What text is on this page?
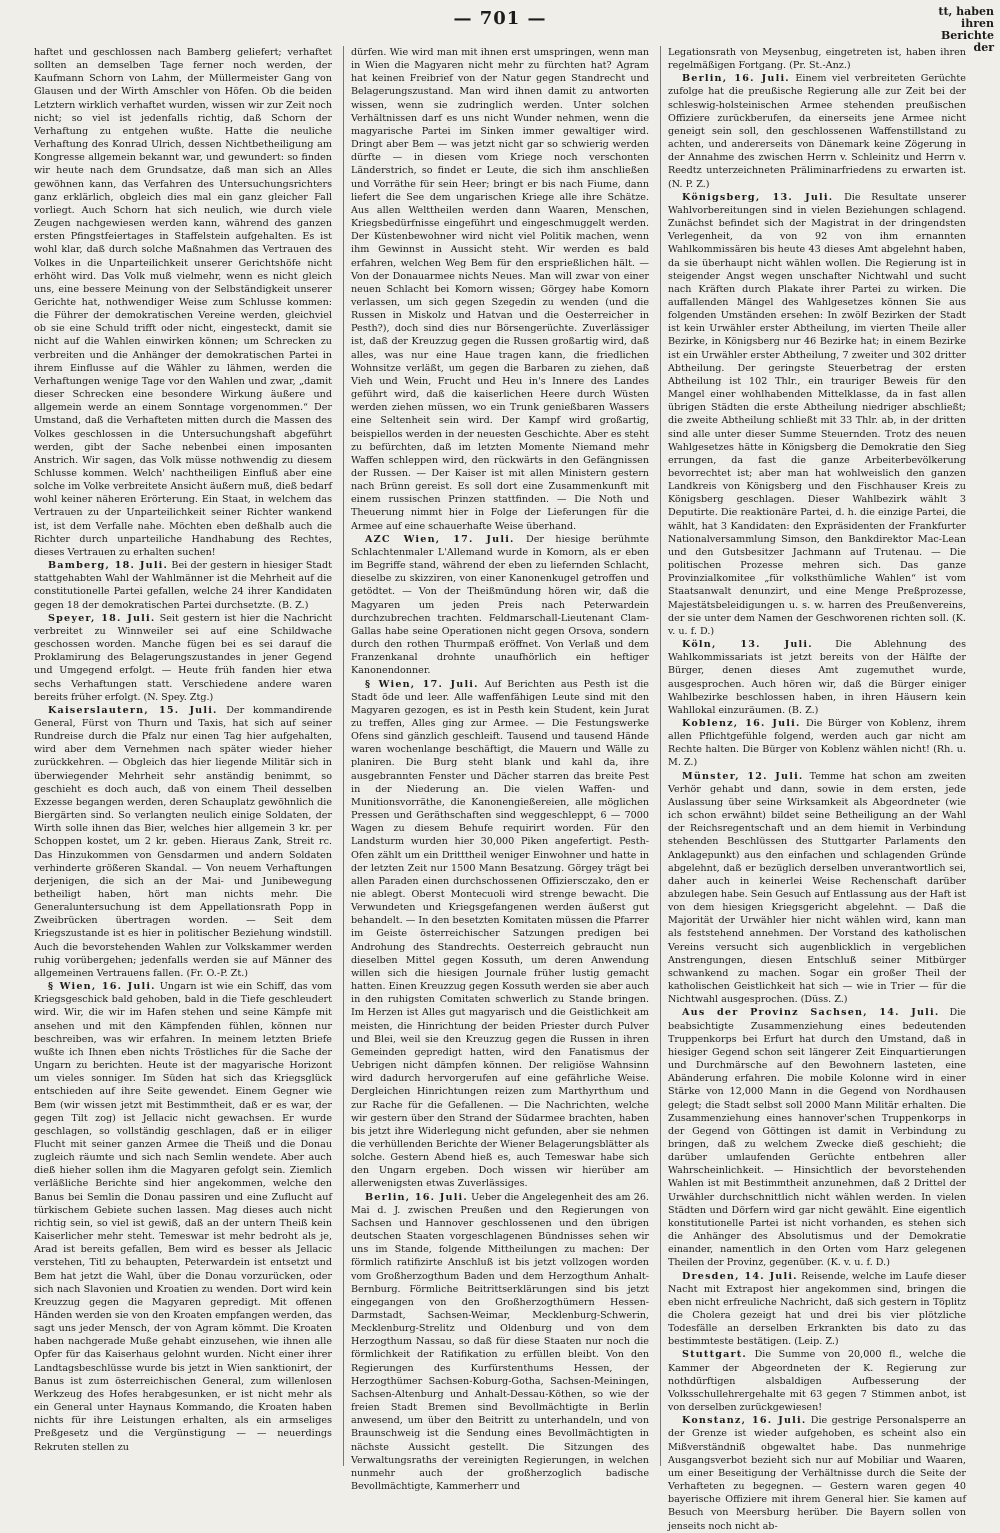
— 701 —	tt, haben ihren Berichte der

haftet und geschlossen nach Bamberg geliefert; verhaftet sollten an demselben Tage ferner noch werden, der Kaufmann Schorn von Lahm, der Müllermeister Gang von Glausen und der Wirth Amschler von Höfen. Ob die beiden Letztern wirklich verhaftet wurden, wissen wir zur Zeit noch nicht; so viel ist jedenfalls richtig, daß Schorn der Verhaftung zu entgehen wußte. Hatte die neuliche Verhaftung des Konrad Ulrich, dessen Nichtbetheiligung am Kongresse allgemein bekannt war, und gewundert: so finden wir heute nach dem Grundsatze, daß man sich an Alles gewöhnen kann, das Verfahren des Untersuchungsrichters ganz erklärlich, obgleich dies mal ein ganz gleicher Fall vorliegt. Auch Schorn hat sich neulich, wie durch viele Zeugen nachgewiesen werden kann, während des ganzen ersten Pfingstfeiertages in Staffelstein aufgehalten. Es ist wohl klar, daß durch solche Maßnahmen das Vertrauen des Volkes in die Unparteilichkeit unserer Gerichtshöfe nicht erhöht wird. Das Volk muß vielmehr, wenn es nicht gleich uns, eine bessere Meinung von der Selbständigkeit unserer Gerichte hat, nothwendiger Weise zum Schlusse kommen: die Führer der demokratischen Vereine werden, gleichviel ob sie eine Schuld trifft oder nicht, eingesteckt, damit sie nicht auf die Wahlen einwirken können; um Schrecken zu verbreiten und die Anhänger der demokratischen Partei in ihrem Einflusse auf die Wähler zu lähmen, werden die Verhaftungen wenige Tage vor den Wahlen und zwar, „damit dieser Schrecken eine besondere Wirkung äußere und allgemein werde an einem Sonntage vorgenommen.“ Der Umstand, daß die Verhafteten mitten durch die Massen des Volkes geschlossen in die Untersuchungshaft abgeführt werden, gibt der Sache nebenbei einen imposanten Anstrich. Wir sagen, das Volk müsse nothwendig zu diesem Schlusse kommen. Welch' nachtheiligen Einfluß aber eine solche im Volke verbreitete Ansicht äußern muß, dieß bedarf wohl keiner näheren Erörterung. Ein Staat, in welchem das Vertrauen zu der Unparteilichkeit seiner Richter wankend ist, ist dem Verfalle nahe. Möchten eben deßhalb auch die Richter durch unparteiliche Handhabung des Rechtes, dieses Vertrauen zu erhalten suchen!

Bamberg, 18. Juli. Bei der gestern in hiesiger Stadt stattgehabten Wahl der Wahlmänner ist die Mehrheit auf die constitutionelle Partei gefallen, welche 24 ihrer Kandidaten gegen 18 der demokratischen Partei durchsetzte. (B. Z.)

Speyer, 18. Juli. Seit gestern ist hier die Nachricht verbreitet zu Winnweiler sei auf eine Schildwache geschossen worden. Manche fügen bei es sei darauf die Proklamirung des Belagerungszustandes in jener Gegend und Umgegend erfolgt. — Heute früh fanden hier etwa sechs Verhaftungen statt. Verschiedene andere waren bereits früher erfolgt. (N. Spey. Ztg.)

Kaiserslautern, 15. Juli. Der kommandirende General, Fürst von Thurn und Taxis, hat sich auf seiner Rundreise durch die Pfalz nur einen Tag hier aufgehalten, wird aber dem Vernehmen nach später wieder hieher zurückkehren. — Obgleich das hier liegende Militär sich in überwiegender Mehrheit sehr anständig benimmt, so geschieht es doch auch, daß von einem Theil desselben Exzesse begangen werden, deren Schauplatz gewöhnlich die Biergärten sind. So verlangten neulich einige Soldaten, der Wirth solle ihnen das Bier, welches hier allgemein 3 kr. per Schoppen kostet, um 2 kr. geben. Hieraus Zank, Streit rc. Das Hinzukommen von Gensdarmen und andern Soldaten verhinderte größeren Skandal. — Von neuem Verhaftungen derjenigen, die sich an der Mai- und Junibewegung betheiligt haben, hört man nichts mehr. Die Generaluntersuchung ist dem Appellationsrath Popp in Zweibrücken übertragen worden. — Seit dem Kriegszustande ist es hier in politischer Beziehung windstill. Auch die bevorstehenden Wahlen zur Volkskammer werden ruhig vorübergehen; jedenfalls werden sie auf Männer des allgemeinen Vertrauens fallen. (Fr. O.-P. Zt.)

§ Wien, 16. Juli. Ungarn ist wie ein Schiff, das vom Kriegsgeschick bald gehoben, bald in die Tiefe geschleudert wird. Wir, die wir im Hafen stehen und seine Kämpfe mit ansehen und mit den Kämpfenden fühlen, können nur beschreiben, was wir erfahren. In meinem letzten Briefe wußte ich Ihnen eben nichts Tröstliches für die Sache der Ungarn zu berichten. Heute ist der magyarische Horizont um vieles sonniger. Im Süden hat sich das Kriegsglück entschieden auf ihre Seite gewendet. Einem Gegner wie Bem (wir wissen jetzt mit Bestimmtheit, daß er es war, der gegen Tilt zog) ist Jellacic nicht gewachsen. Er wurde geschlagen, so vollständig geschlagen, daß er in eiliger Flucht mit seiner ganzen Armee die Theiß und die Donau zugleich räumte und sich nach Semlin wendete. Aber auch dieß hieher sollen ihm die Magyaren gefolgt sein. Ziemlich verläßliche Berichte sind hier angekommen, welche den Banus bei Semlin die Donau passiren und eine Zuflucht auf türkischem Gebiete suchen lassen. Mag dieses auch nicht richtig sein, so viel ist gewiß, daß an der untern Theiß kein Kaiserlicher mehr steht. Temeswar ist mehr bedroht als je, Arad ist bereits gefallen, Bem wird es besser als Jellacic verstehen, Titl zu behaupten, Peterwardein ist entsetzt und Bem hat jetzt die Wahl, über die Donau vorzurücken, oder sich nach Slavonien und Kroatien zu wenden. Dort wird kein Kreuzzug gegen die Magyaren gepredigt. Mit offenen Händen werden sie von den Kroaten empfangen werden, das sagt uns jeder Mensch, der von Agram kömmt. Die Kroaten haben nachgerade Muße gehabt einzusehen, wie ihnen alle Opfer für das Kaiserhaus gelohnt wurden. Nicht einer ihrer Landtagsbeschlüsse wurde bis jetzt in Wien sanktionirt, der Banus ist zum österreichischen General, zum willenlosen Werkzeug des Hofes herabgesunken, er ist nicht mehr als ein General unter Haynaus Kommando, die Kroaten haben nichts für ihre Leistungen erhalten, als ein armseliges Preßgesetz und die Vergünstigung — — neuerdings Rekruten stellen zu

dürfen. Wie wird man mit ihnen erst umspringen, wenn man in Wien die Magyaren nicht mehr zu fürchten hat? Agram hat keinen Freibrief von der Natur gegen Standrecht und Belagerungszustand. Man wird ihnen damit zu antworten wissen, wenn sie zudringlich werden. Unter solchen Verhältnissen darf es uns nicht Wunder nehmen, wenn die magyarische Partei im Sinken immer gewaltiger wird. Dringt aber Bem — was jetzt nicht gar so schwierig werden dürfte — in diesen vom Kriege noch verschonten Länderstrich, so findet er Leute, die sich ihm anschließen und Vorräthe für sein Heer; bringt er bis nach Fiume, dann liefert die See dem ungarischen Kriege alle ihre Schätze. Aus allen Welttheilen werden dann Waaren, Menschen, Kriegsbedürfnisse eingeführt und eingeschmuggelt werden. Der Küstenbewohner wird nicht viel Politik machen, wenn ihm Gewinnst in Aussicht steht. Wir werden es bald erfahren, welchen Weg Bem für den ersprießlichen hält. — Von der Donauarmee nichts Neues. Man will zwar von einer neuen Schlacht bei Komorn wissen; Görgey habe Komorn verlassen, um sich gegen Szegedin zu wenden (und die Russen in Miskolz und Hatvan und die Oesterreicher in Pesth?), doch sind dies nur Börsengerüchte. Zuverlässiger ist, daß der Kreuzzug gegen die Russen großartig wird, daß alles, was nur eine Haue tragen kann, die friedlichen Wohnsitze verläßt, um gegen die Barbaren zu ziehen, daß Vieh und Wein, Frucht und Heu in's Innere des Landes geführt wird, daß die kaiserlichen Heere durch Wüsten werden ziehen müssen, wo ein Trunk genießbaren Wassers eine Seltenheit sein wird. Der Kampf wird großartig, beispiellos werden in der neuesten Geschichte. Aber es steht zu befürchten, daß im letzten Momente Niemand mehr Waffen schleppen wird, den rückwärts in den Gefängnissen der Russen. — Der Kaiser ist mit allen Ministern gestern nach Brünn gereist. Es soll dort eine Zusammenkunft mit einem russischen Prinzen stattfinden. — Die Noth und Theuerung nimmt hier in Folge der Lieferungen für die Armee auf eine schauerhafte Weise überhand.

AZC Wien, 17. Juli. Der hiesige berühmte Schlachtenmaler L'Allemand wurde in Komorn, als er eben im Begriffe stand, während der eben zu liefernden Schlacht, dieselbe zu skizziren, von einer Kanonenkugel getroffen und getödtet. — Von der Theißmündung hören wir, daß die Magyaren um jeden Preis nach Peterwardein durchzubrechen trachten. Feldmarschall-Lieutenant Clam-Gallas habe seine Operationen nicht gegen Orsova, sondern durch den rothen Thurmpaß eröffnet. Von Verlaß und dem Franzenkanal drohnte unaufhörlich ein heftiger Kanonendonner.

§ Wien, 17. Juli. Auf Berichten aus Pesth ist die Stadt öde und leer. Alle waffenfähigen Leute sind mit den Magyaren gezogen, es ist in Pesth kein Student, kein Jurat zu treffen, Alles ging zur Armee. — Die Festungswerke Ofens sind gänzlich geschleift. Tausend und tausend Hände waren wochenlange beschäftigt, die Mauern und Wälle zu planiren. Die Burg steht blank und kahl da, ihre ausgebrannten Fenster und Dächer starren das breite Pest in der Niederung an. Die vielen Waffen- und Munitionsvorräthe, die Kanonengießereien, alle möglichen Pressen und Geräthschaften sind weggeschleppt, 6 — 7000 Wagen zu diesem Behufe requirirt worden. Für den Landsturm wurden hier 30,000 Piken angefertigt. Pesth-Ofen zählt um ein Dritttheil weniger Einwohner und hatte in der letzten Zeit nur 1500 Mann Besatzung. Görgey trägt bei allen Paraden einen durchschossenen Offiziersczako, den er nie ablegt. Oberst Montecuoli wird strenge bewacht. Die Verwundeten und Kriegsgefangenen werden äußerst gut behandelt. — In den besetzten Komitaten müssen die Pfarrer im Geiste österreichischer Satzungen predigen bei Androhung des Standrechts. Oesterreich gebraucht nun dieselben Mittel gegen Kossuth, um deren Anwendung willen sich die hiesigen Journale früher lustig gemacht hatten. Einen Kreuzzug gegen Kossuth werden sie aber auch in den ruhigsten Comitaten schwerlich zu Stande bringen. Im Herzen ist Alles gut magyarisch und die Geistlichkeit am meisten, die Hinrichtung der beiden Priester durch Pulver und Blei, weil sie den Kreuzzug gegen die Russen in ihren Gemeinden gepredigt hatten, wird den Fanatismus der Uebrigen nicht dämpfen können. Der religiöse Wahnsinn wird dadurch hervorgerufen auf eine gefährliche Weise. Dergleichen Hinrichtungen reizen zum Marthyrthum und zur Rache für die Gefallenen. — Die Nachrichten, welche wir gestern über den Strand der Südarmee brachten, haben bis jetzt ihre Widerlegung nicht gefunden, aber sie nehmen die verhüllenden Berichte der Wiener Belagerungsblätter als solche. Gestern Abend hieß es, auch Temeswar habe sich den Ungarn ergeben. Doch wissen wir hierüber am allerwenigsten etwas Zuverlässiges.

Berlin, 16. Juli. Ueber die Angelegenheit des am 26. Mai d. J. zwischen Preußen und den Regierungen von Sachsen und Hannover geschlossenen und den übrigen deutschen Staaten vorgeschlagenen Bündnisses sehen wir uns im Stande, folgende Mittheilungen zu machen: Der förmlich ratifizirte Anschluß ist bis jetzt vollzogen worden vom Großherzogthum Baden und dem Herzogthum Anhalt-Bernburg. Förmliche Beitrittserklärungen sind bis jetzt eingegangen von den Großherzogthümern Hessen-Darmstadt, Sachsen-Weimar, Mecklenburg-Schwerin, Mecklenburg-Strelitz und Oldenburg und von dem Herzogthum Nassau, so daß für diese Staaten nur noch die förmlichkeit der Ratifikation zu erfüllen bleibt. Von den Regierungen des Kurfürstenthums Hessen, der Herzogthümer Sachsen-Koburg-Gotha, Sachsen-Meiningen, Sachsen-Altenburg und Anhalt-Dessau-Köthen, so wie der freien Stadt Bremen sind Bevollmächtigte in Berlin anwesend, um über den Beitritt zu unterhandeln, und von Braunschweig ist die Sendung eines Bevollmächtigten in nächste Aussicht gestellt. Die Sitzungen des Verwaltungsraths der vereinigten Regierungen, in welchen nunmehr auch der großherzoglich badische Bevollmächtigte, Kammerherr und

Legationsrath von Meysenbug, eingetreten ist, haben ihren regelmäßigen Fortgang. (Pr. St.-Anz.)

Berlin, 16. Juli. Einem viel verbreiteten Gerüchte zufolge hat die preußische Regierung alle zur Zeit bei der schleswig-holsteinischen Armee stehenden preußischen Offiziere zurückberufen, da einerseits jene Armee nicht geneigt sein soll, den geschlossenen Waffenstillstand zu achten, und andererseits von Dänemark keine Zögerung in der Annahme des zwischen Herrn v. Schleinitz und Herrn v. Reedtz unterzeichneten Präliminarfriedens zu erwarten ist. (N. P. Z.)

Königsberg, 13. Juli. Die Resultate unserer Wahlvorbereitungen sind in vielen Beziehungen schlagend. Zunächst befindet sich der Magistrat in der dringendsten Verlegenheit, da von 92 von ihm ernannten Wahlkommissären bis heute 43 dieses Amt abgelehnt haben, da sie überhaupt nicht wählen wollen. Die Regierung ist in steigender Angst wegen unschafter Nichtwahl und sucht nach Kräften durch Plakate ihrer Partei zu wirken. Die auffallenden Mängel des Wahlgesetzes können Sie aus folgenden Umständen ersehen: In zwölf Bezirken der Stadt ist kein Urwähler erster Abtheilung, im vierten Theile aller Bezirke, in Königsberg nur 46 Bezirke hat; in einem Bezirke ist ein Urwähler erster Abtheilung, 7 zweiter und 302 dritter Abtheilung. Der geringste Steuerbetrag der ersten Abtheilung ist 102 Thlr., ein trauriger Beweis für den Mangel einer wohlhabenden Mittelklasse, da in fast allen übrigen Städten die erste Abtheilung niedriger abschließt; die zweite Abtheilung schließt mit 33 Thlr. ab, in der dritten sind alle unter dieser Summe Steuernden. Trotz des neuen Wahlgesetzes hätte in Königsberg die Demokratie den Sieg errungen, da fast die ganze Arbeiterbevölkerung bevorrechtet ist; aber man hat wohlweislich den ganzen Landkreis von Königsberg und den Fischhauser Kreis zu Königsberg geschlagen. Dieser Wahlbezirk wählt 3 Deputirte. Die reaktionäre Partei, d. h. die einzige Partei, die wählt, hat 3 Kandidaten: den Expräsidenten der Frankfurter Nationalversammlung Simson, den Bankdirektor Mac-Lean und den Gutsbesitzer Jachmann auf Trutenau. — Die politischen Prozesse mehren sich. Das ganze Provinzialkomitee „für volksthümliche Wahlen“ ist vom Staatsanwalt denunzirt, und eine Menge Preßprozesse, Majestätsbeleidigungen u. s. w. harren des Preußenvereins, der sie unter dem Namen der Geschworenen richten soll. (K. v. u. f. D.)

Köln, 13. Juli. Die Ablehnung des Wahlkommissariats ist jetzt bereits von der Hälfte der Bürger, denen dieses Amt zugemuthet wurde, ausgesprochen. Auch hören wir, daß die Bürger einiger Wahlbezirke beschlossen haben, in ihren Häusern kein Wahllokal einzuräumen. (B. Z.)

Koblenz, 16. Juli. Die Bürger von Koblenz, ihrem allen Pflichtgefühle folgend, werden auch gar nicht am Rechte halten. Die Bürger von Koblenz wählen nicht! (Rh. u. M. Z.)

Münster, 12. Juli. Temme hat schon am zweiten Verhör gehabt und dann, sowie in dem ersten, jede Auslassung über seine Wirksamkeit als Abgeordneter (wie ich schon erwähnt) bildet seine Betheiligung an der Wahl der Reichsregentschaft und an dem hiemit in Verbindung stehenden Beschlüssen des Stuttgarter Parlaments den Anklagepunkt) aus den einfachen und schlagenden Gründe abgelehnt, daß er bezüglich derselben unverantwortlich sei, daher auch in keinerlei Weise Rechenschaft darüber abzulegen habe. Sein Gesuch auf Entlassung aus der Haft ist von dem hiesigen Kriegsgericht abgelehnt. — Daß die Majorität der Urwähler hier nicht wählen wird, kann man als feststehend annehmen. Der Vorstand des katholischen Vereins versucht sich augenblicklich in vergeblichen Anstrengungen, diesen Entschluß seiner Mitbürger schwankend zu machen. Sogar ein großer Theil der katholischen Geistlichkeit hat sich — wie in Trier — für die Nichtwahl ausgesprochen. (Düss. Z.)

Aus der Provinz Sachsen, 14. Juli. Die beabsichtigte Zusammenziehung eines bedeutenden Truppenkorps bei Erfurt hat durch den Umstand, daß in hiesiger Gegend schon seit längerer Zeit Einquartierungen und Durchmärsche auf den Bewohnern lasteten, eine Abänderung erfahren. Die mobile Kolonne wird in einer Stärke von 12,000 Mann in die Gegend von Nordhausen gelegt; die Stadt selbst soll 2000 Mann Militär erhalten. Die Zusammenziehung eines hannover'schen Truppenkorps in der Gegend von Göttingen ist damit in Verbindung zu bringen, daß zu welchem Zwecke dieß geschieht; die darüber umlaufenden Gerüchte entbehren aller Wahrscheinlichkeit. — Hinsichtlich der bevorstehenden Wahlen ist mit Bestimmtheit anzunehmen, daß 2 Drittel der Urwähler durchschnittlich nicht wählen werden. In vielen Städten und Dörfern wird gar nicht gewählt. Eine eigentlich konstitutionelle Partei ist nicht vorhanden, es stehen sich die Anhänger des Absolutismus und der Demokratie einander, namentlich in den Orten vom Harz gelegenen Theilen der Provinz, gegenüber. (K. v. u. f. D.)

Dresden, 14. Juli. Reisende, welche im Laufe dieser Nacht mit Extrapost hier angekommen sind, bringen die eben nicht erfreuliche Nachricht, daß sich gestern in Töplitz die Cholera gezeigt hat und drei bis vier plötzliche Todesfälle an derselben Erkrankten bis dato zu das bestimmteste bestätigen. (Leip. Z.)

Stuttgart. Die Summe von 20,000 fl., welche die Kammer der Abgeordneten der K. Regierung zur nothdürftigen alsbaldigen Aufbesserung der Volksschullehrergehalte mit 63 gegen 7 Stimmen anbot, ist von derselben zurückgewiesen!

Konstanz, 16. Juli. Die gestrige Personalsperre an der Grenze ist wieder aufgehoben, es scheint also ein Mißverständniß obgewaltet habe. Das nunmehrige Ausgangsverbot bezieht sich nur auf Mobiliar und Waaren, um einer Beseitigung der Verhältnisse durch die Seite der Verhafteten zu begegnen. — Gestern waren gegen 40 bayerische Offiziere mit ihrem General hier. Sie kamen auf Besuch von Meersburg herüber. Die Bayern sollen von jenseits noch nicht ab-
